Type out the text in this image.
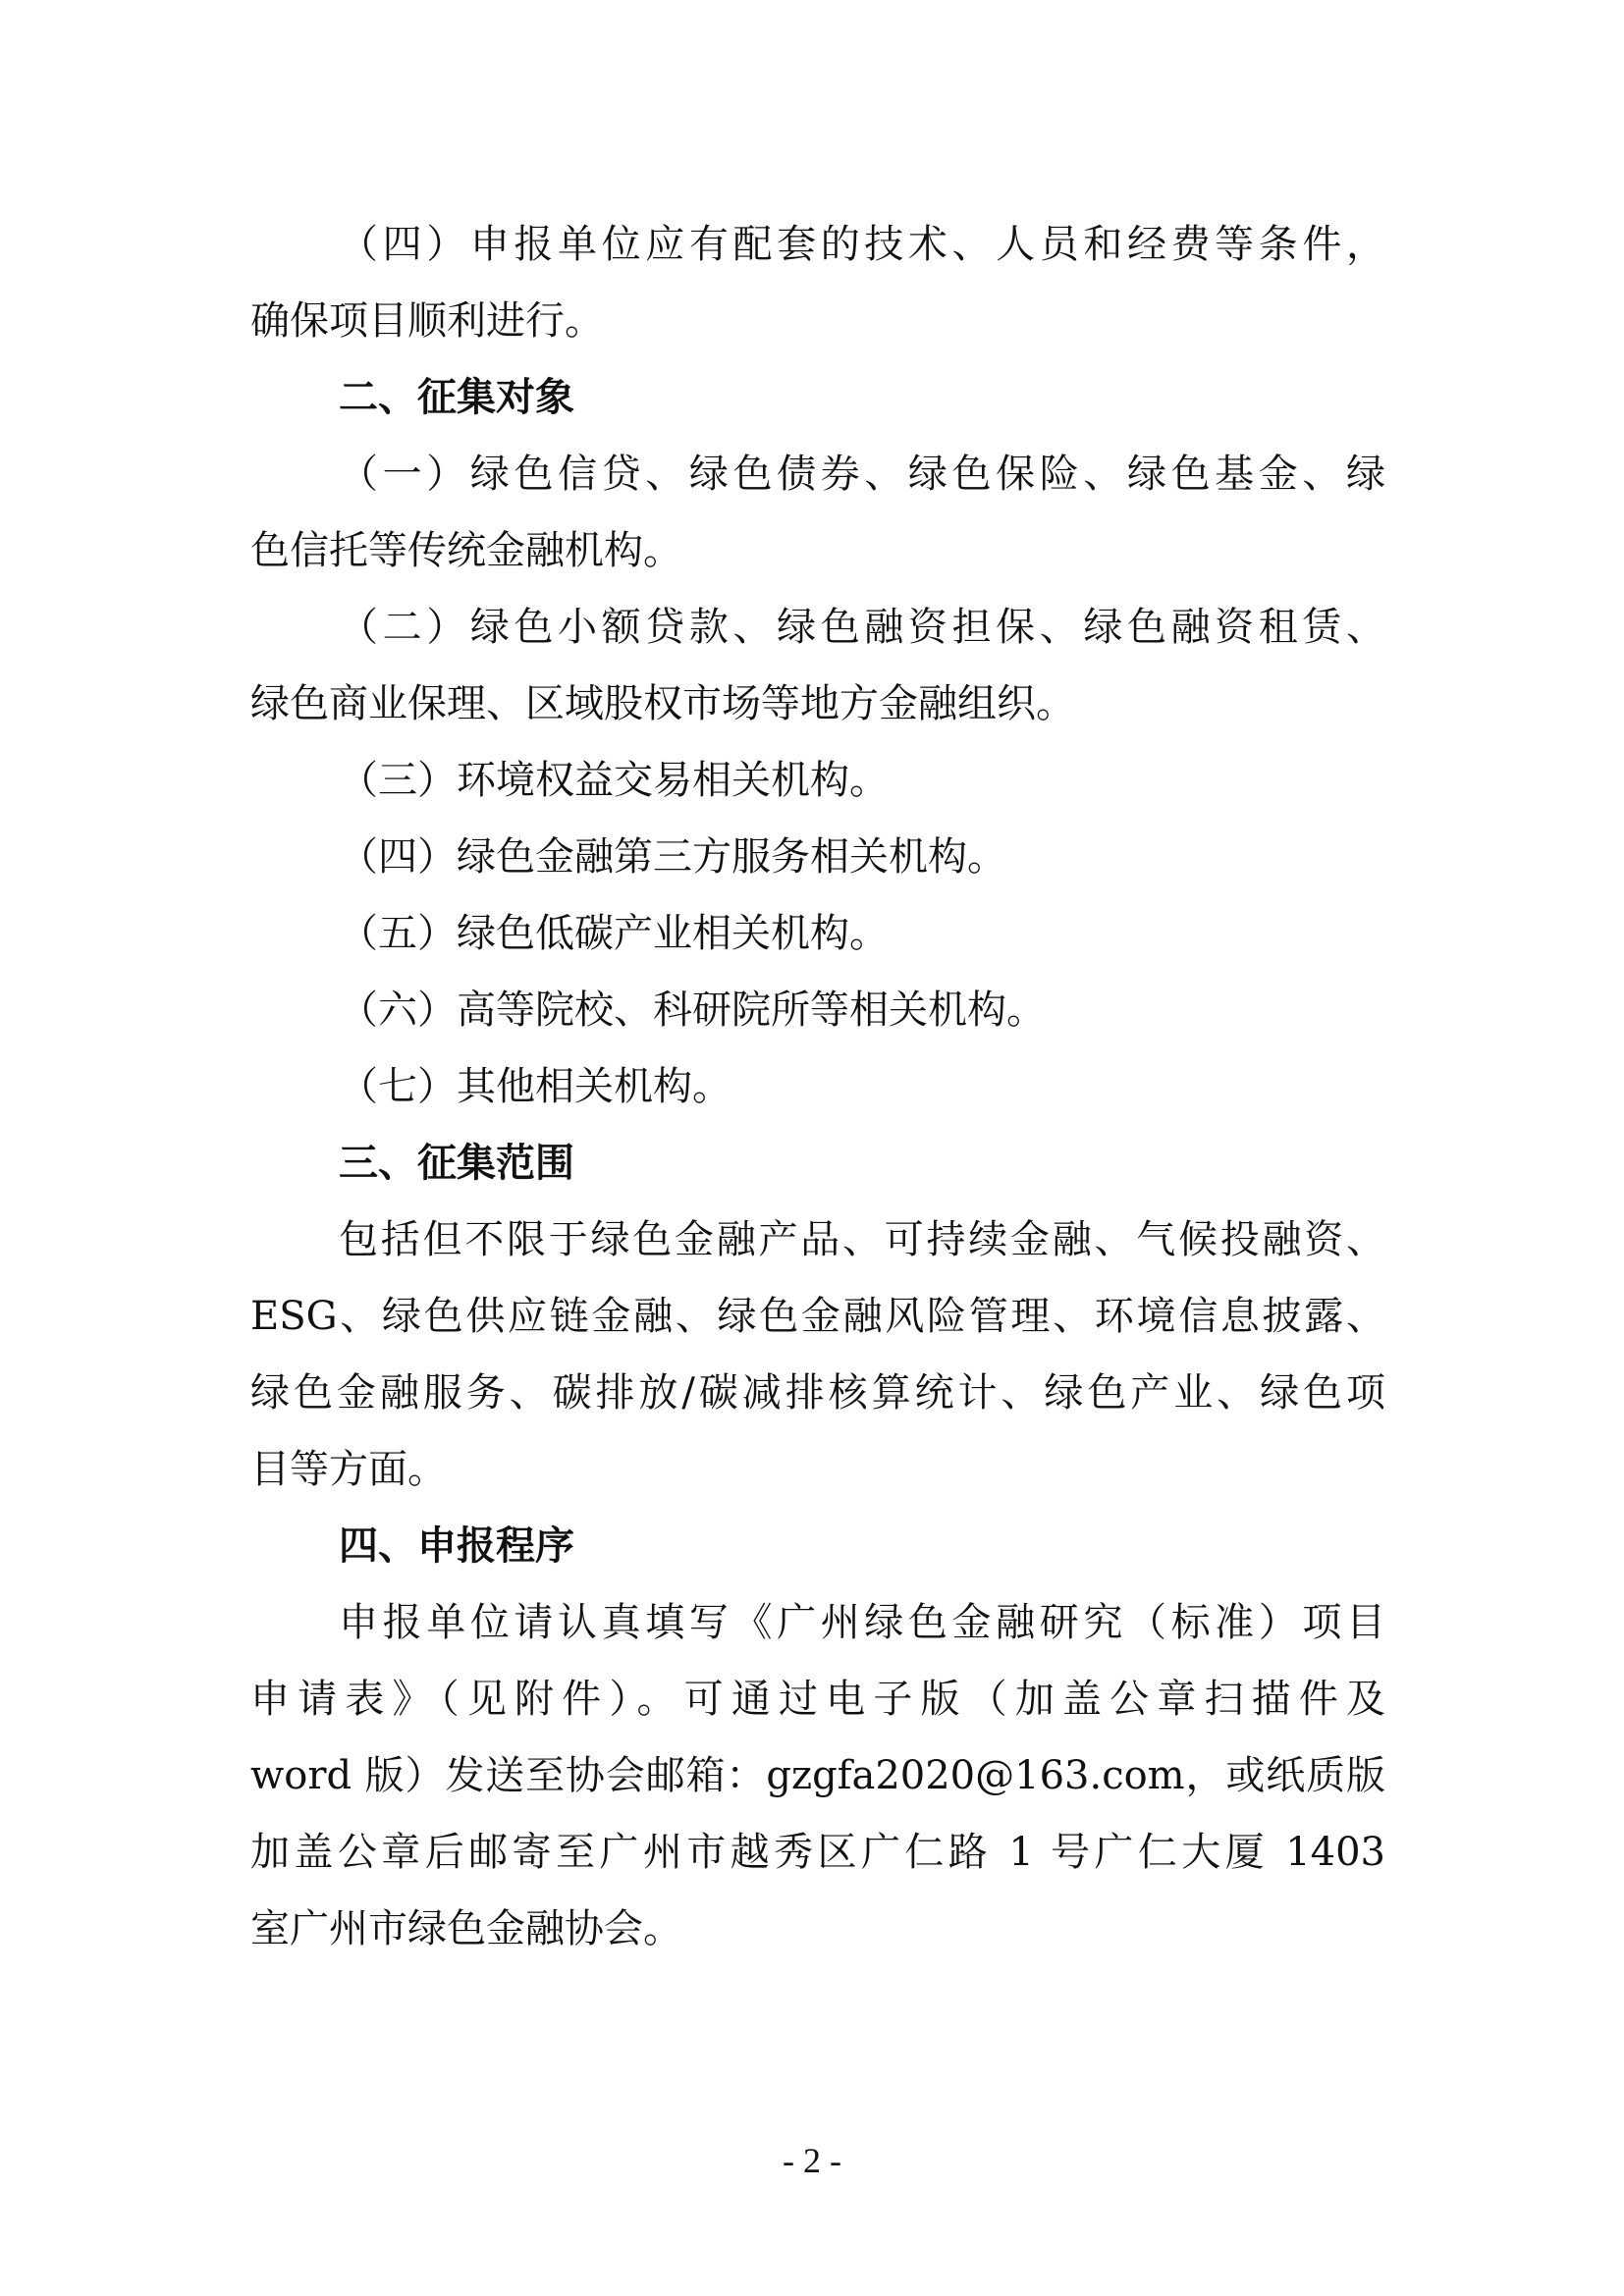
（四）申报单位应有配套的技术、人员和经费等条件，
确保项目顺利进行。
二、征集对象
（一）绿色信贷、绿色债券、绿色保险、绿色基金、绿
色信托等传统金融机构。
（二）绿色小额贷款、绿色融资担保、绿色融资租赁、
绿色商业保理、区域股权市场等地方金融组织。
（三）环境权益交易相关机构。
（四）绿色金融第三方服务相关机构。
（五）绿色低碳产业相关机构。
（六）高等院校、科研院所等相关机构。
（七）其他相关机构。
三、征集范围
包括但不限于绿色金融产品、可持续金融、气候投融资、
ESG、绿色供应链金融、绿色金融风险管理、环境信息披露、
绿色金融服务、碳排放/碳减排核算统计、绿色产业、绿色项
目等方面。
四、申报程序
申报单位请认真填写《广州绿色金融研究（标准）项目
申请表》（见附件）。可通过电子版（加盖公章扫描件及
word 版）发送至协会邮箱：gzgfa2020@163.com，或纸质版
加盖公章后邮寄至广州市越秀区广仁路 1 号广仁大厦 1403
室广州市绿色金融协会。
- 2 -
